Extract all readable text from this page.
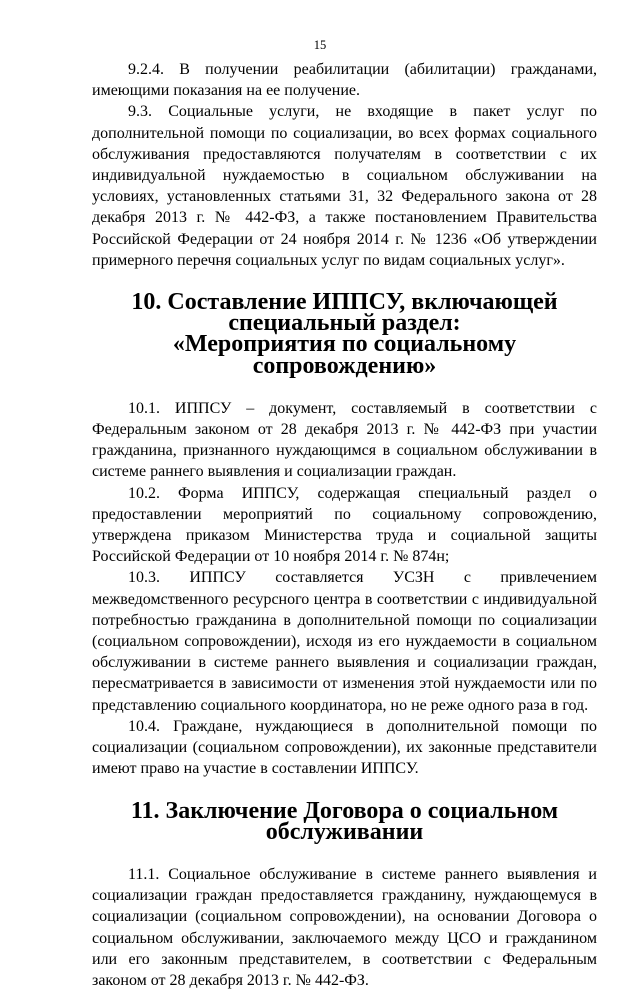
15

9.2.4. В получении реабилитации (абилитации) гражданами, имеющими показания на ее получение.

9.3. Социальные услуги, не входящие в пакет услуг по дополнительной помощи по социализации, во всех формах социального обслуживания предоставляются получателям в соответствии с их индивидуальной нуждаемостью в социальном обслуживании на условиях, установленных статьями 31, 32 Федерального закона от 28 декабря 2013 г. № 442-ФЗ, а также постановлением Правительства Российской Федерации от 24 ноября 2014 г. № 1236 «Об утверждении примерного перечня социальных услуг по видам социальных услуг».

10. Составление ИППСУ, включающей специальный раздел:
«Мероприятия по социальному сопровождению»

10.1. ИППСУ – документ, составляемый в соответствии с Федеральным законом от 28 декабря 2013 г. № 442-ФЗ при участии гражданина, признанного нуждающимся в социальном обслуживании в системе раннего выявления и социализации граждан.

10.2. Форма ИППСУ, содержащая специальный раздел о предоставлении мероприятий по социальному сопровождению, утверждена приказом Министерства труда и социальной защиты Российской Федерации от 10 ноября 2014 г. № 874н;

10.3. ИППСУ составляется УСЗН с привлечением межведомственного ресурсного центра в соответствии с индивидуальной потребностью гражданина в дополнительной помощи по социализации (социальном сопровождении), исходя из его нуждаемости в социальном обслуживании в системе раннего выявления и социализации граждан, пересматривается в зависимости от изменения этой нуждаемости или по представлению социального координатора, но не реже одного раза в год.

10.4. Граждане, нуждающиеся в дополнительной помощи по социализации (социальном сопровождении), их законные представители имеют право на участие в составлении ИППСУ.

11. Заключение Договора о социальном обслуживании

11.1. Социальное обслуживание в системе раннего выявления и социализации граждан предоставляется гражданину, нуждающемуся в социализации (социальном сопровождении), на основании Договора о социальном обслуживании, заключаемого между ЦСО и гражданином или его законным представителем, в соответствии с Федеральным законом от 28 декабря 2013 г. № 442-ФЗ.
